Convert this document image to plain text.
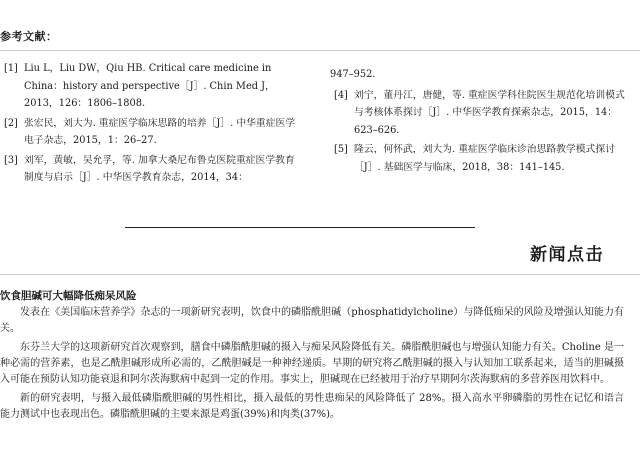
参考文献：
[1] Liu L，Liu DW，Qiu HB. Critical care medicine in China：history and perspective［J］. Chin Med J，2013，126：1806–1808.
[2] 张宏民，刘大为. 重症医学临床思路的培养［J］. 中华重症医学电子杂志，2015，1：26–27.
[3] 刘军，黄敏，吴允孚，等. 加拿大桑尼布鲁克医院重症医学教育制度与启示［J］. 中华医学教育杂志，2014，34：
947–952.
[4] 刘宁，董丹江，唐健，等. 重症医学科住院医生规范化培训模式与考核体系探讨［J］. 中华医学教育探索杂志，2015，14：623–626.
[5] 隆云，何怀武，刘大为. 重症医学临床诊治思路教学模式探讨［J］. 基础医学与临床，2018，38：141–145.
新闻点击
饮食胆碱可大幅降低痴呆风险

发表在《美国临床营养学》杂志的一项新研究表明，饮食中的磷脂酰胆碱（phosphatidylcholine）与降低痴呆的风险及增强认知能力有关。

东芬兰大学的这项新研究首次观察到，膳食中磷脂酰胆碱的摄入与痴呆风险降低有关。磷脂酰胆碱也与增强认知能力有关。Choline 是一种必需的营养素，也是乙酰胆碱形成所必需的，乙酰胆碱是一种神经递质。早期的研究将乙酰胆碱的摄入与认知加工联系起来，适当的胆碱摄入可能在预防认知功能衰退和阿尔茨海默病中起到一定的作用。事实上，胆碱现在已经被用于治疗早期阿尔茨海默病的多营养医用饮料中。

新的研究表明，与摄入最低磷脂酰胆碱的男性相比，摄入最低的男性患痴呆的风险降低了 28%。摄入高水平卵磷脂的男性在记忆和语言能力测试中也表现出色。磷脂酰胆碱的主要来源是鸡蛋(39%)和肉类(37%)。
